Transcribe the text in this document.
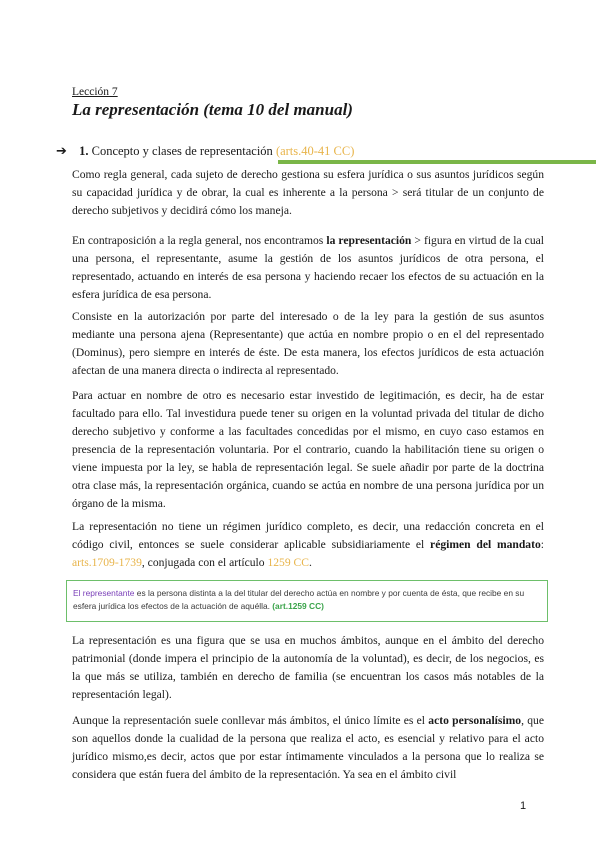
Lección 7
La representación (tema 10 del manual)
➔ 1. Concepto y clases de representación (arts.40-41 CC)

Como regla general, cada sujeto de derecho gestiona su esfera jurídica o sus asuntos jurídicos según su capacidad jurídica y de obrar, la cual es inherente a la persona > será titular de un conjunto de derecho subjetivos y decidirá cómo los maneja.

En contraposición a la regla general, nos encontramos la representación > figura en virtud de la cual una persona, el representante, asume la gestión de los asuntos jurídicos de otra persona, el representado, actuando en interés de esa persona y haciendo recaer los efectos de su actuación en la esfera jurídica de esa persona.

Consiste en la autorización por parte del interesado o de la ley para la gestión de sus asuntos mediante una persona ajena (Representante) que actúa en nombre propio o en el del representado (Dominus), pero siempre en interés de éste. De esta manera, los efectos jurídicos de esta actuación afectan de una manera directa o indirecta al representado.

Para actuar en nombre de otro es necesario estar investido de legitimación, es decir, ha de estar facultado para ello. Tal investidura puede tener su origen en la voluntad privada del titular de dicho derecho subjetivo y conforme a las facultades concedidas por el mismo, en cuyo caso estamos en presencia de la representación voluntaria. Por el contrario, cuando la habilitación tiene su origen o viene impuesta por la ley, se habla de representación legal. Se suele añadir por parte de la doctrina otra clase más, la representación orgánica, cuando se actúa en nombre de una persona jurídica por un órgano de la misma.

La representación no tiene un régimen jurídico completo, es decir, una redacción concreta en el código civil, entonces se suele considerar aplicable subsidiariamente el régimen del mandato: arts.1709-1739, conjugada con el artículo 1259 CC.

El representante es la persona distinta a la del titular del derecho actúa en nombre y por cuenta de ésta, que recibe en su esfera jurídica los efectos de la actuación de aquélla. (art.1259 CC)

La representación es una figura que se usa en muchos ámbitos, aunque en el ámbito del derecho patrimonial (donde impera el principio de la autonomía de la voluntad), es decir, de los negocios, es la que más se utiliza, también en derecho de familia (se encuentran los casos más notables de la representación legal).

Aunque la representación suele conllevar más ámbitos, el único límite es el acto personalísimo, que son aquellos donde la cualidad de la persona que realiza el acto, es esencial y relativo para el acto jurídico mismo,es decir, actos que por estar íntimamente vinculados a la persona que lo realiza se considera que están fuera del ámbito de la representación. Ya sea en el ámbito civil

1
